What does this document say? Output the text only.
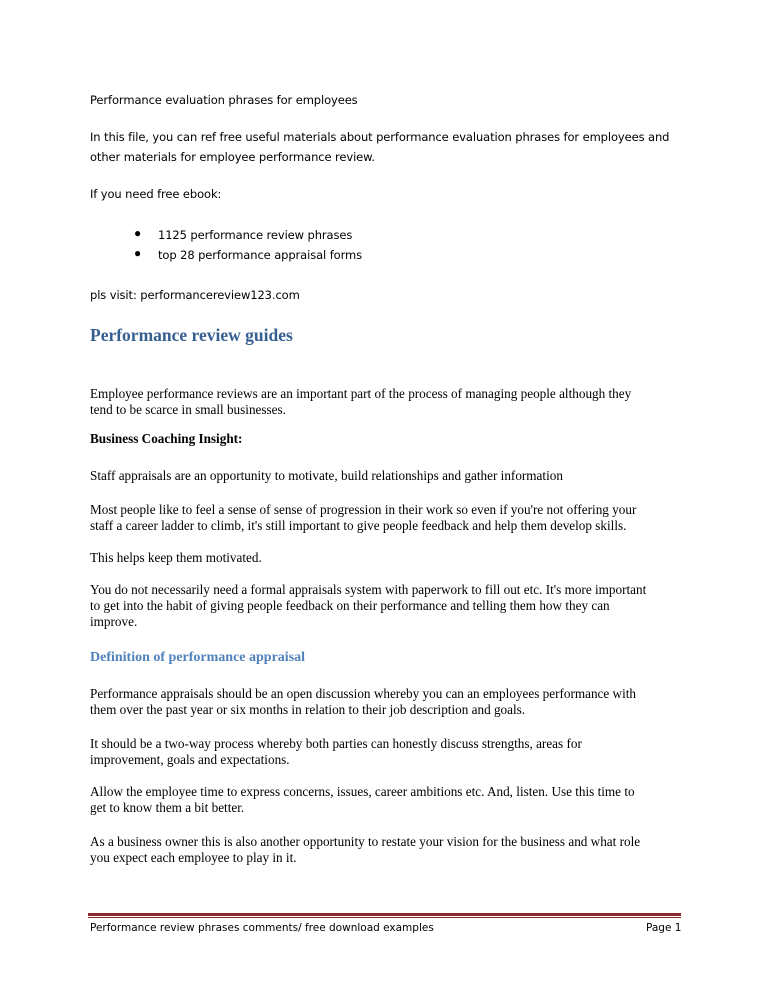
Performance evaluation phrases for employees
In this file, you can ref free useful materials about performance evaluation phrases for employees and
other materials for employee performance review.
If you need free ebook:
● 1125 performance review phrases
● top 28 performance appraisal forms
pls visit: performancereview123.com
Performance review guides
Employee performance reviews are an important part of the process of managing people although they
tend to be scarce in small businesses.
Business Coaching Insight:
Staff appraisals are an opportunity to motivate, build relationships and gather information
Most people like to feel a sense of sense of progression in their work so even if you're not offering your
staff a career ladder to climb, it's still important to give people feedback and help them develop skills.
This helps keep them motivated.
You do not necessarily need a formal appraisals system with paperwork to fill out etc. It's more important
to get into the habit of giving people feedback on their performance and telling them how they can
improve.
Definition of performance appraisal
Performance appraisals should be an open discussion whereby you can an employees performance with
them over the past year or six months in relation to their job description and goals.
It should be a two-way process whereby both parties can honestly discuss strengths, areas for
improvement, goals and expectations.
Allow the employee time to express concerns, issues, career ambitions etc. And, listen. Use this time to
get to know them a bit better.
As a business owner this is also another opportunity to restate your vision for the business and what role
you expect each employee to play in it.
Performance review phrases comments/ free download examples	Page 1
